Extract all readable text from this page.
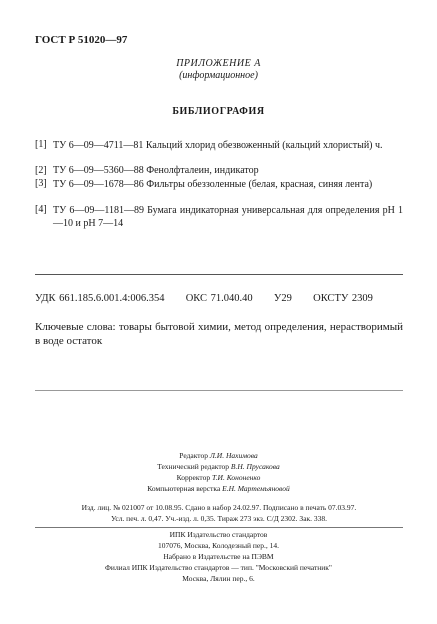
ГОСТ Р 51020—97
ПРИЛОЖЕНИЕ А
(информационное)
БИБЛИОГРАФИЯ
[1] ТУ 6—09—4711—81 Кальций хлорид обезвоженный (кальций хлористый) ч.
[2] ТУ 6—09—5360—88 Фенолфталеин, индикатор
[3] ТУ 6—09—1678—86 Фильтры обеззоленные (белая, красная, синяя лента)
[4] ТУ 6—09—1181—89 Бумага индикаторная универсальная для определения рН 1—10 и рН 7—14
УДК 661.185.6.001.4:006.354 ОКС 71.040.40 У29 ОКСТУ 2309
Ключевые слова: товары бытовой химии, метод определения, нерастворимый в воде остаток
Редактор Л.И. Нахимова
Технический редактор В.Н. Прусакова
Корректор Т.И. Кононенко
Компьютерная верстка Е.Н. Мартемьяновой
Изд. лиц. № 021007 от 10.08.95. Сдано в набор 24.02.97. Подписано в печать 07.03.97.
Усл. печ. л. 0,47. Уч.-изд. л. 0,35. Тираж 273 экз. С/Д 2302. Зак. 338.
ИПК Издательство стандартов
107076, Москва, Колодезный пер., 14.
Набрано в Издательстве на ПЭВМ
Филиал ИПК Издательство стандартов — тип. "Московский печатник"
Москва, Лялин пер., 6.
